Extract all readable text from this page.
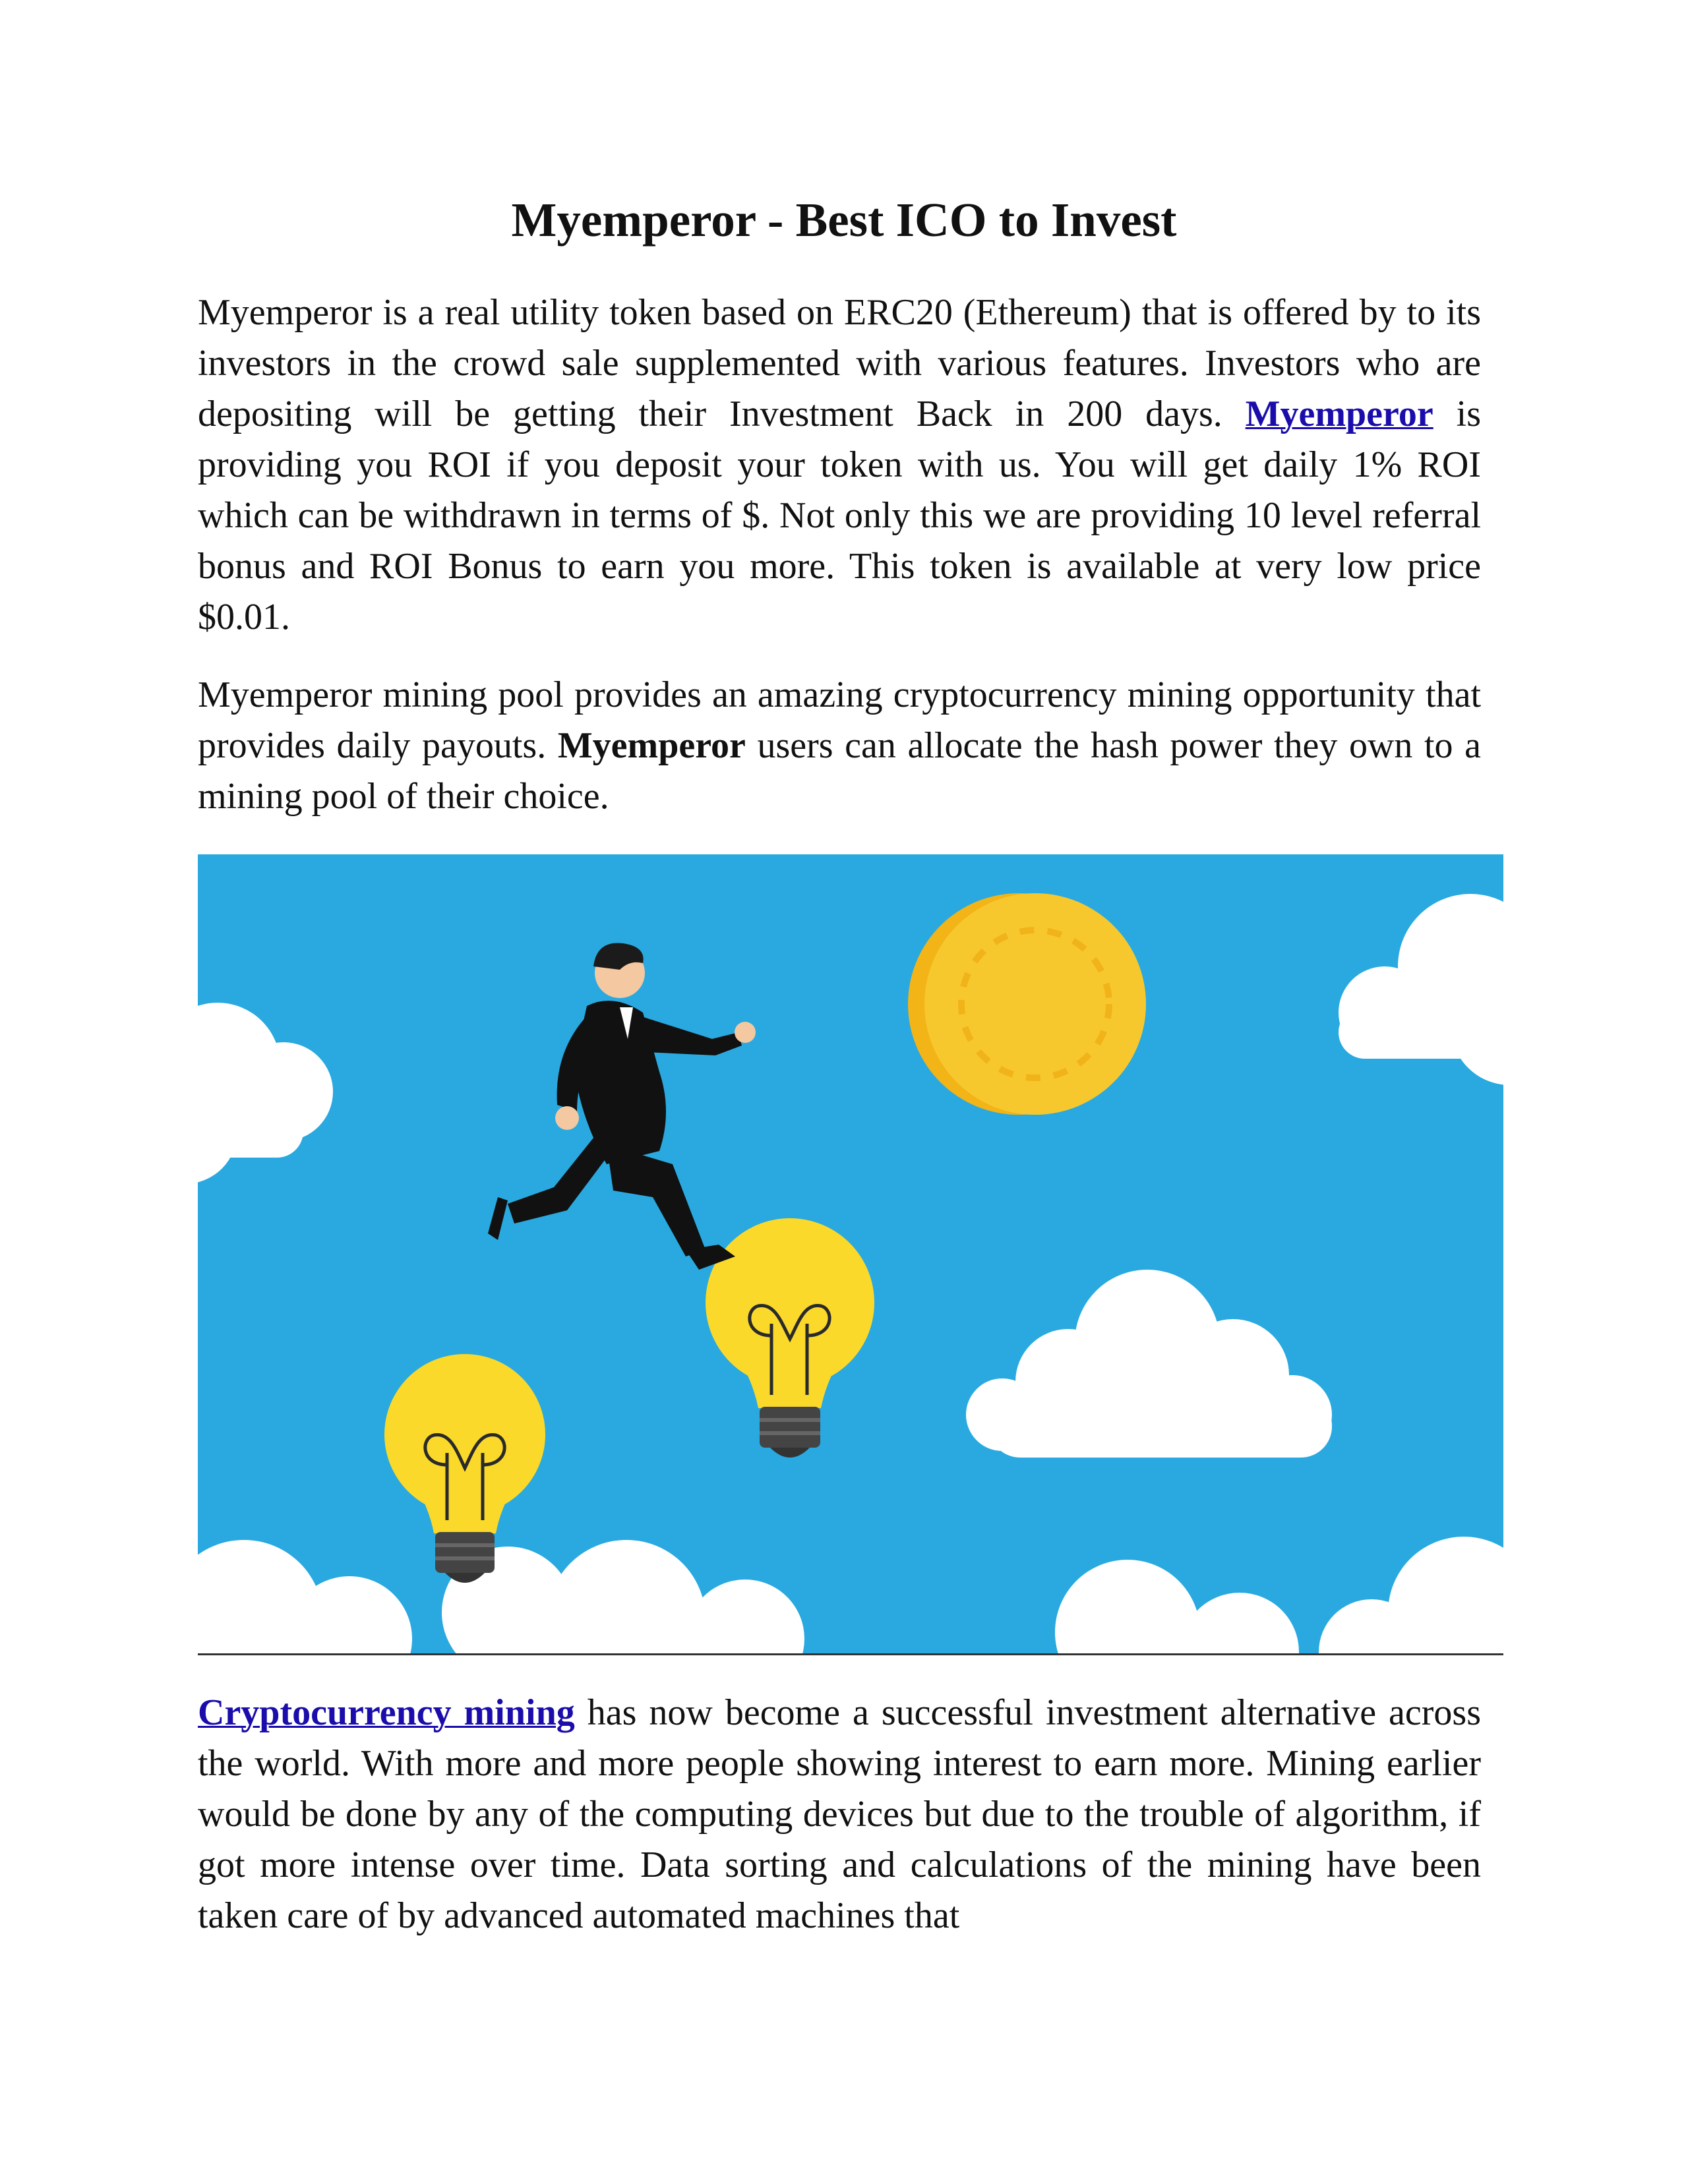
Myemperor - Best ICO to Invest

Myemperor is a real utility token based on ERC20 (Ethereum) that is offered by to its investors in the crowd sale supplemented with various features. Investors who are depositing will be getting their Investment Back in 200 days. Myemperor is providing you ROI if you deposit your token with us. You will get daily 1% ROI which can be withdrawn in terms of $. Not only this we are providing 10 level referral bonus and ROI Bonus to earn you more. This token is available at very low price $0.01.

Myemperor mining pool provides an amazing cryptocurrency mining opportunity that provides daily payouts. Myemperor users can allocate the hash power they own to a mining pool of their choice.

Cryptocurrency mining has now become a successful investment alternative across the world. With more and more people showing interest to earn more. Mining earlier would be done by any of the computing devices but due to the trouble of algorithm, if got more intense over time. Data sorting and calculations of the mining have been taken care of by advanced automated machines that
